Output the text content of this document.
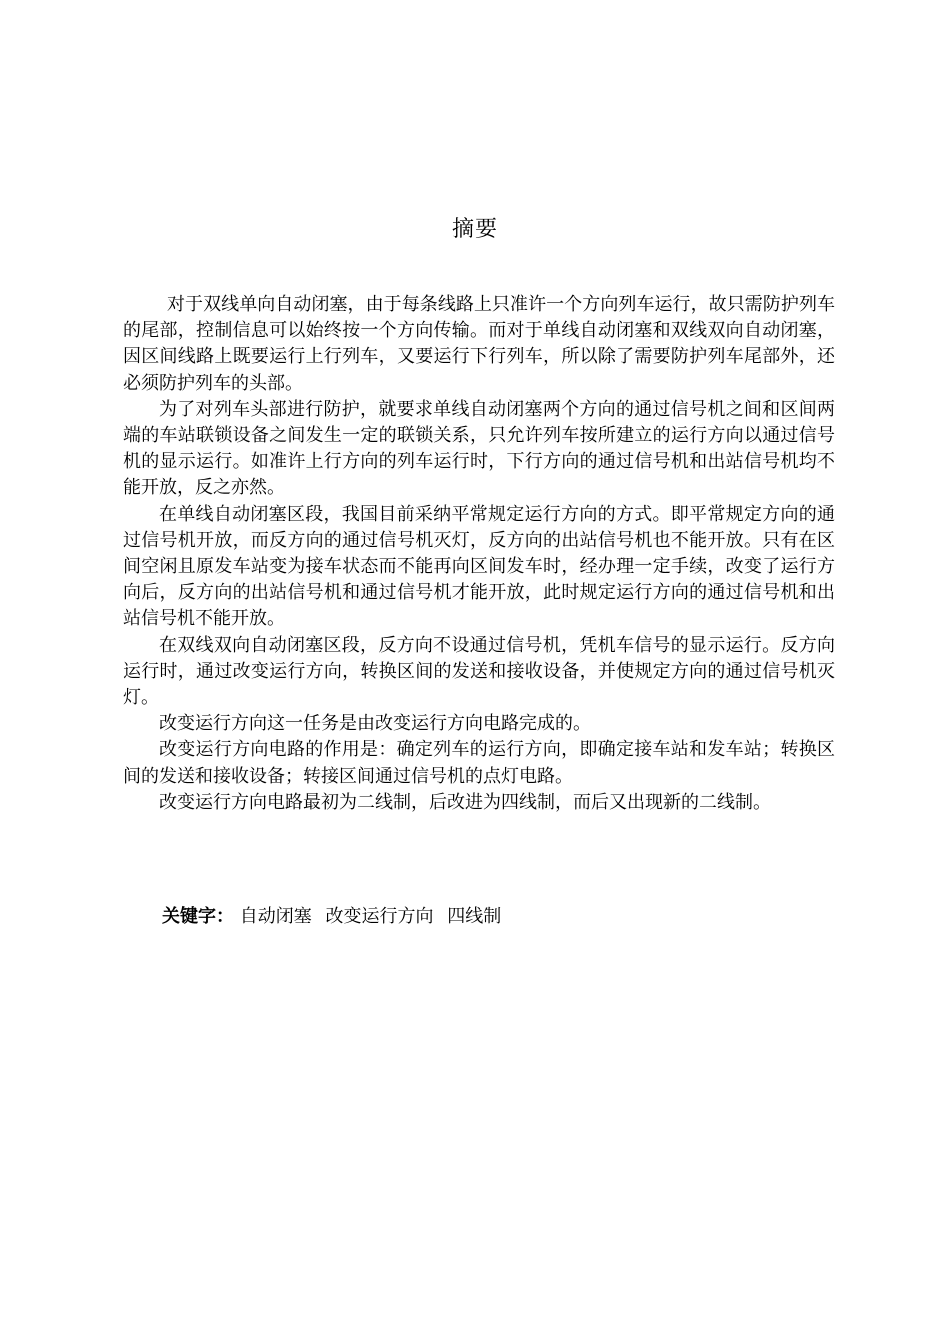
摘要

对于双线单向自动闭塞，由于每条线路上只准许一个方向列车运行，故只需防护列车的尾部，控制信息可以始终按一个方向传输。而对于单线自动闭塞和双线双向自动闭塞，因区间线路上既要运行上行列车，又要运行下行列车，所以除了需要防护列车尾部外，还必须防护列车的头部。

为了对列车头部进行防护，就要求单线自动闭塞两个方向的通过信号机之间和区间两端的车站联锁设备之间发生一定的联锁关系，只允许列车按所建立的运行方向以通过信号机的显示运行。如准许上行方向的列车运行时，下行方向的通过信号机和出站信号机均不能开放，反之亦然。

在单线自动闭塞区段，我国目前采纳平常规定运行方向的方式。即平常规定方向的通过信号机开放，而反方向的通过信号机灭灯，反方向的出站信号机也不能开放。只有在区间空闲且原发车站变为接车状态而不能再向区间发车时，经办理一定手续，改变了运行方向后，反方向的出站信号机和通过信号机才能开放，此时规定运行方向的通过信号机和出站信号机不能开放。

在双线双向自动闭塞区段，反方向不设通过信号机，凭机车信号的显示运行。反方向运行时，通过改变运行方向，转换区间的发送和接收设备，并使规定方向的通过信号机灭灯。

改变运行方向这一任务是由改变运行方向电路完成的。

改变运行方向电路的作用是：确定列车的运行方向，即确定接车站和发车站；转换区间的发送和接收设备；转接区间通过信号机的点灯电路。

改变运行方向电路最初为二线制，后改进为四线制，而后又出现新的二线制。

关键字： 自动闭塞 改变运行方向 四线制
